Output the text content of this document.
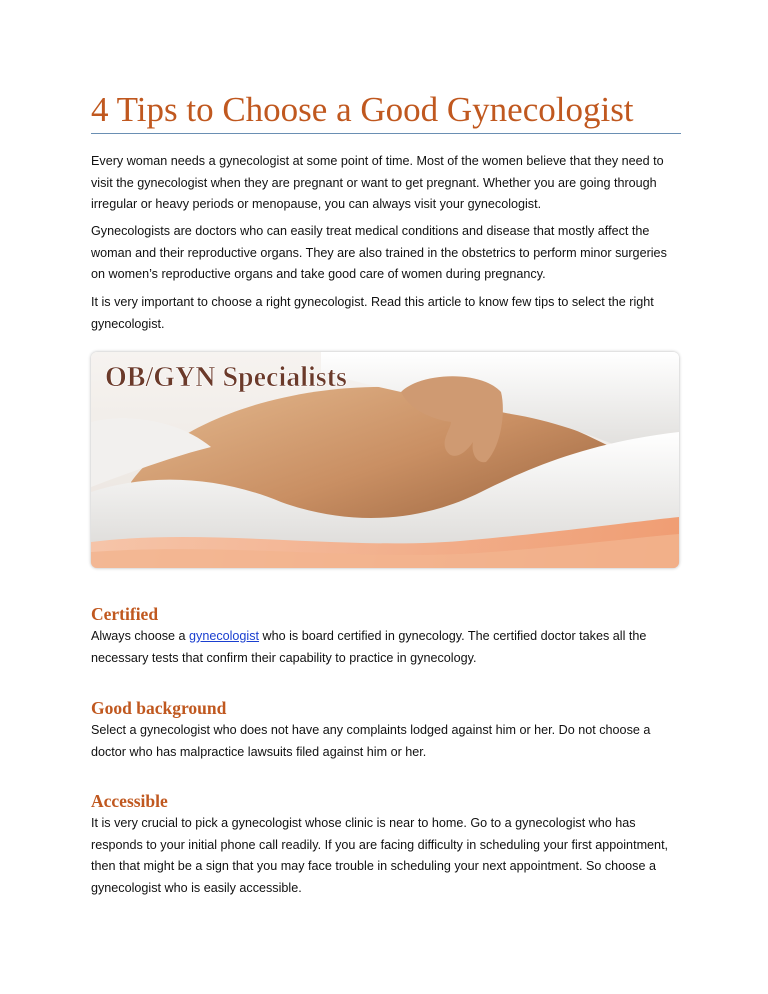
4 Tips to Choose a Good Gynecologist

Every woman needs a gynecologist at some point of time. Most of the women believe that they need to visit the gynecologist when they are pregnant or want to get pregnant. Whether you are going through irregular or heavy periods or menopause, you can always visit your gynecologist.

Gynecologists are doctors who can easily treat medical conditions and disease that mostly affect the woman and their reproductive organs. They are also trained in the obstetrics to perform minor surgeries on women’s reproductive organs and take good care of women during pregnancy.

It is very important to choose a right gynecologist. Read this article to know few tips to select the right gynecologist.

OB/GYN Specialists
Certified

Always choose a gynecologist who is board certified in gynecology. The certified doctor takes all the necessary tests that confirm their capability to practice in gynecology.

Good background

Select a gynecologist who does not have any complaints lodged against him or her. Do not choose a doctor who has malpractice lawsuits filed against him or her.

Accessible

It is very crucial to pick a gynecologist whose clinic is near to home. Go to a gynecologist who has responds to your initial phone call readily. If you are facing difficulty in scheduling your first appointment, then that might be a sign that you may face trouble in scheduling your next appointment. So choose a gynecologist who is easily accessible.
